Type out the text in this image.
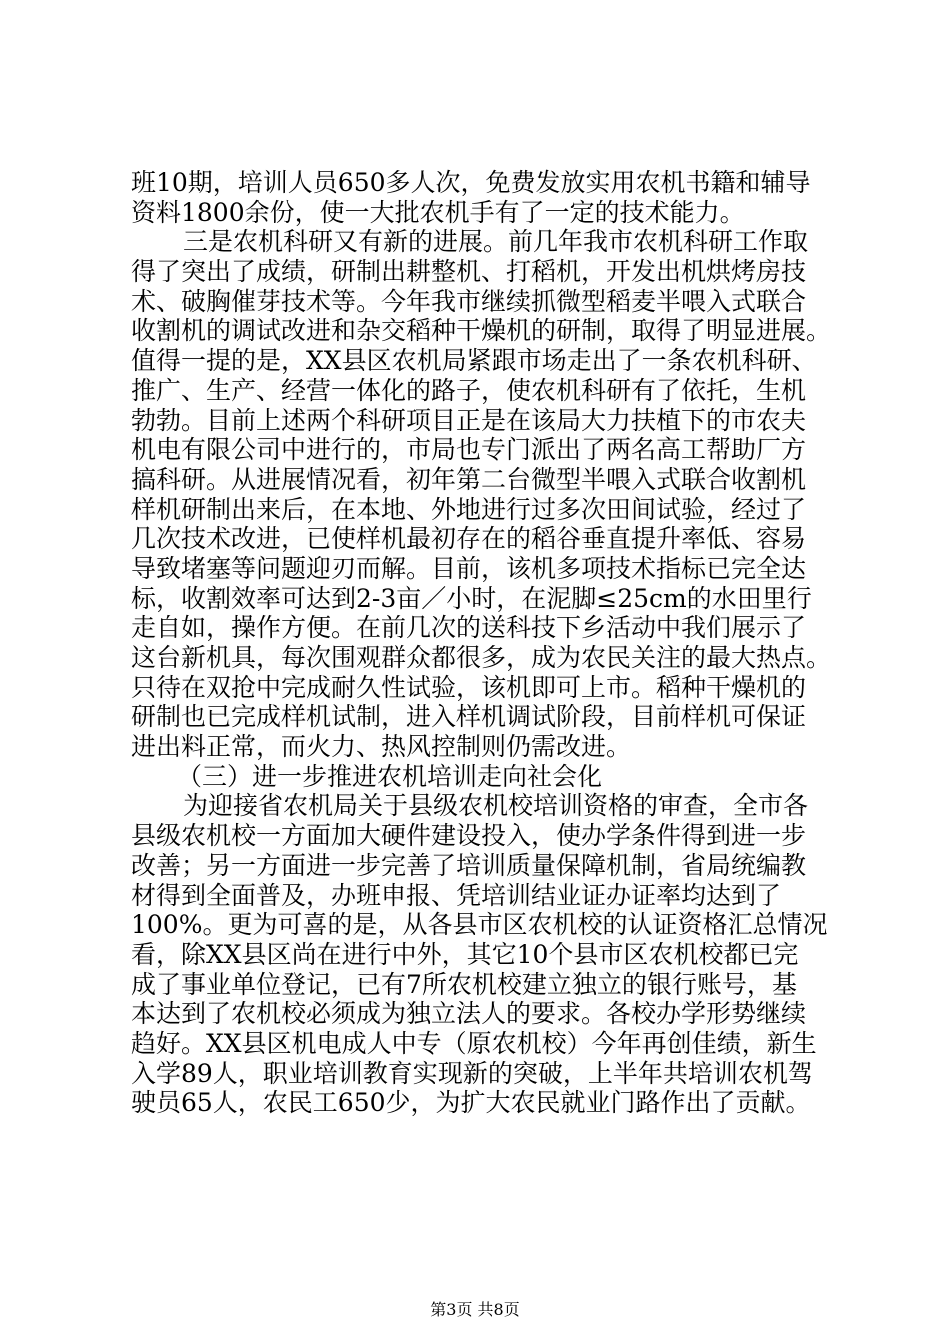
班10期，培训人员650多人次，免费发放实用农机书籍和辅导
资料1800余份，使一大批农机手有了一定的技术能力。
三是农机科研又有新的进展。前几年我市农机科研工作取
得了突出了成绩，研制出耕整机、打稻机，开发出机烘烤房技
术、破胸催芽技术等。今年我市继续抓微型稻麦半喂入式联合
收割机的调试改进和杂交稻种干燥机的研制，取得了明显进展。
值得一提的是，XX县区农机局紧跟市场走出了一条农机科研、
推广、生产、经营一体化的路子，使农机科研有了依托，生机
勃勃。目前上述两个科研项目正是在该局大力扶植下的市农夫
机电有限公司中进行的，市局也专门派出了两名高工帮助厂方
搞科研。从进展情况看，初年第二台微型半喂入式联合收割机
样机研制出来后，在本地、外地进行过多次田间试验，经过了
几次技术改进，已使样机最初存在的稻谷垂直提升率低、容易
导致堵塞等问题迎刃而解。目前，该机多项技术指标已完全达
标，收割效率可达到2-3亩／小时，在泥脚≤25cm的水田里行
走自如，操作方便。在前几次的送科技下乡活动中我们展示了
这台新机具，每次围观群众都很多，成为农民关注的最大热点。
只待在双抢中完成耐久性试验，该机即可上市。稻种干燥机的
研制也已完成样机试制，进入样机调试阶段，目前样机可保证
进出料正常，而火力、热风控制则仍需改进。
（三）进一步推进农机培训走向社会化
为迎接省农机局关于县级农机校培训资格的审查，全市各
县级农机校一方面加大硬件建设投入，使办学条件得到进一步
改善；另一方面进一步完善了培训质量保障机制，省局统编教
材得到全面普及，办班申报、凭培训结业证办证率均达到了
100%。更为可喜的是，从各县市区农机校的认证资格汇总情况
看，除XX县区尚在进行中外，其它10个县市区农机校都已完
成了事业单位登记，已有7所农机校建立独立的银行账号，基
本达到了农机校必须成为独立法人的要求。各校办学形势继续
趋好。XX县区机电成人中专（原农机校）今年再创佳绩，新生
入学89人，职业培训教育实现新的突破，上半年共培训农机驾
驶员65人，农民工650少，为扩大农民就业门路作出了贡献。
第3页 共8页
